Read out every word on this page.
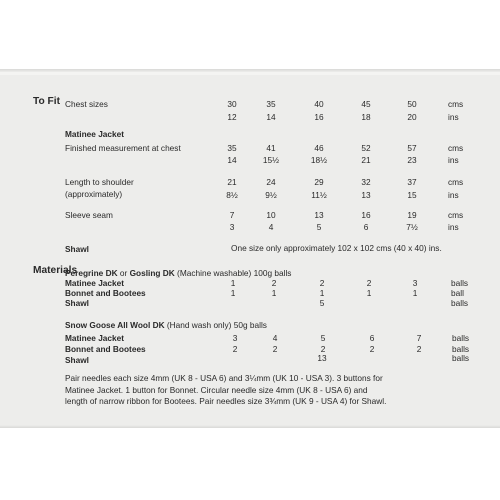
To Fit Chest sizes	30	35	40	45	50	cms
12	14	16	18	20	ins
Matinee Jacket
Finished measurement at chest	35	41	46	52	57	cms
14	15½	18½	21	23	ins
Length to shoulder
(approximately)
21	24	29	32	37	cms
8½	9½	11½	13	15	ins
Sleeve seam	7	10	13	16	19	cms
3	4	5	6	7½	ins
Shawl	One size only approximately 102 x 102 cms (40 x 40) ins.
Materials
Peregrine DK or Gosling DK (Machine washable) 100g balls
Matinee Jacket	1	2	2	2	3	balls
Bonnet and Bootees	1	1	1	1	1	ball
Shawl	5	balls
Snow Goose All Wool DK (Hand wash only) 50g balls
Matinee Jacket	3	4	5	6	7	balls
Bonnet and Bootees	2	2	2	2	2	balls
Shawl	13	balls
Pair needles each size 4mm (UK 8 - USA 6) and 3¼mm (UK 10 - USA 3). 3 buttons for
Matinee Jacket. 1 button for Bonnet. Circular needle size 4mm (UK 8 - USA 6) and
length of narrow ribbon for Bootees. Pair needles size 3¾mm (UK 9 - USA 4) for Shawl.
